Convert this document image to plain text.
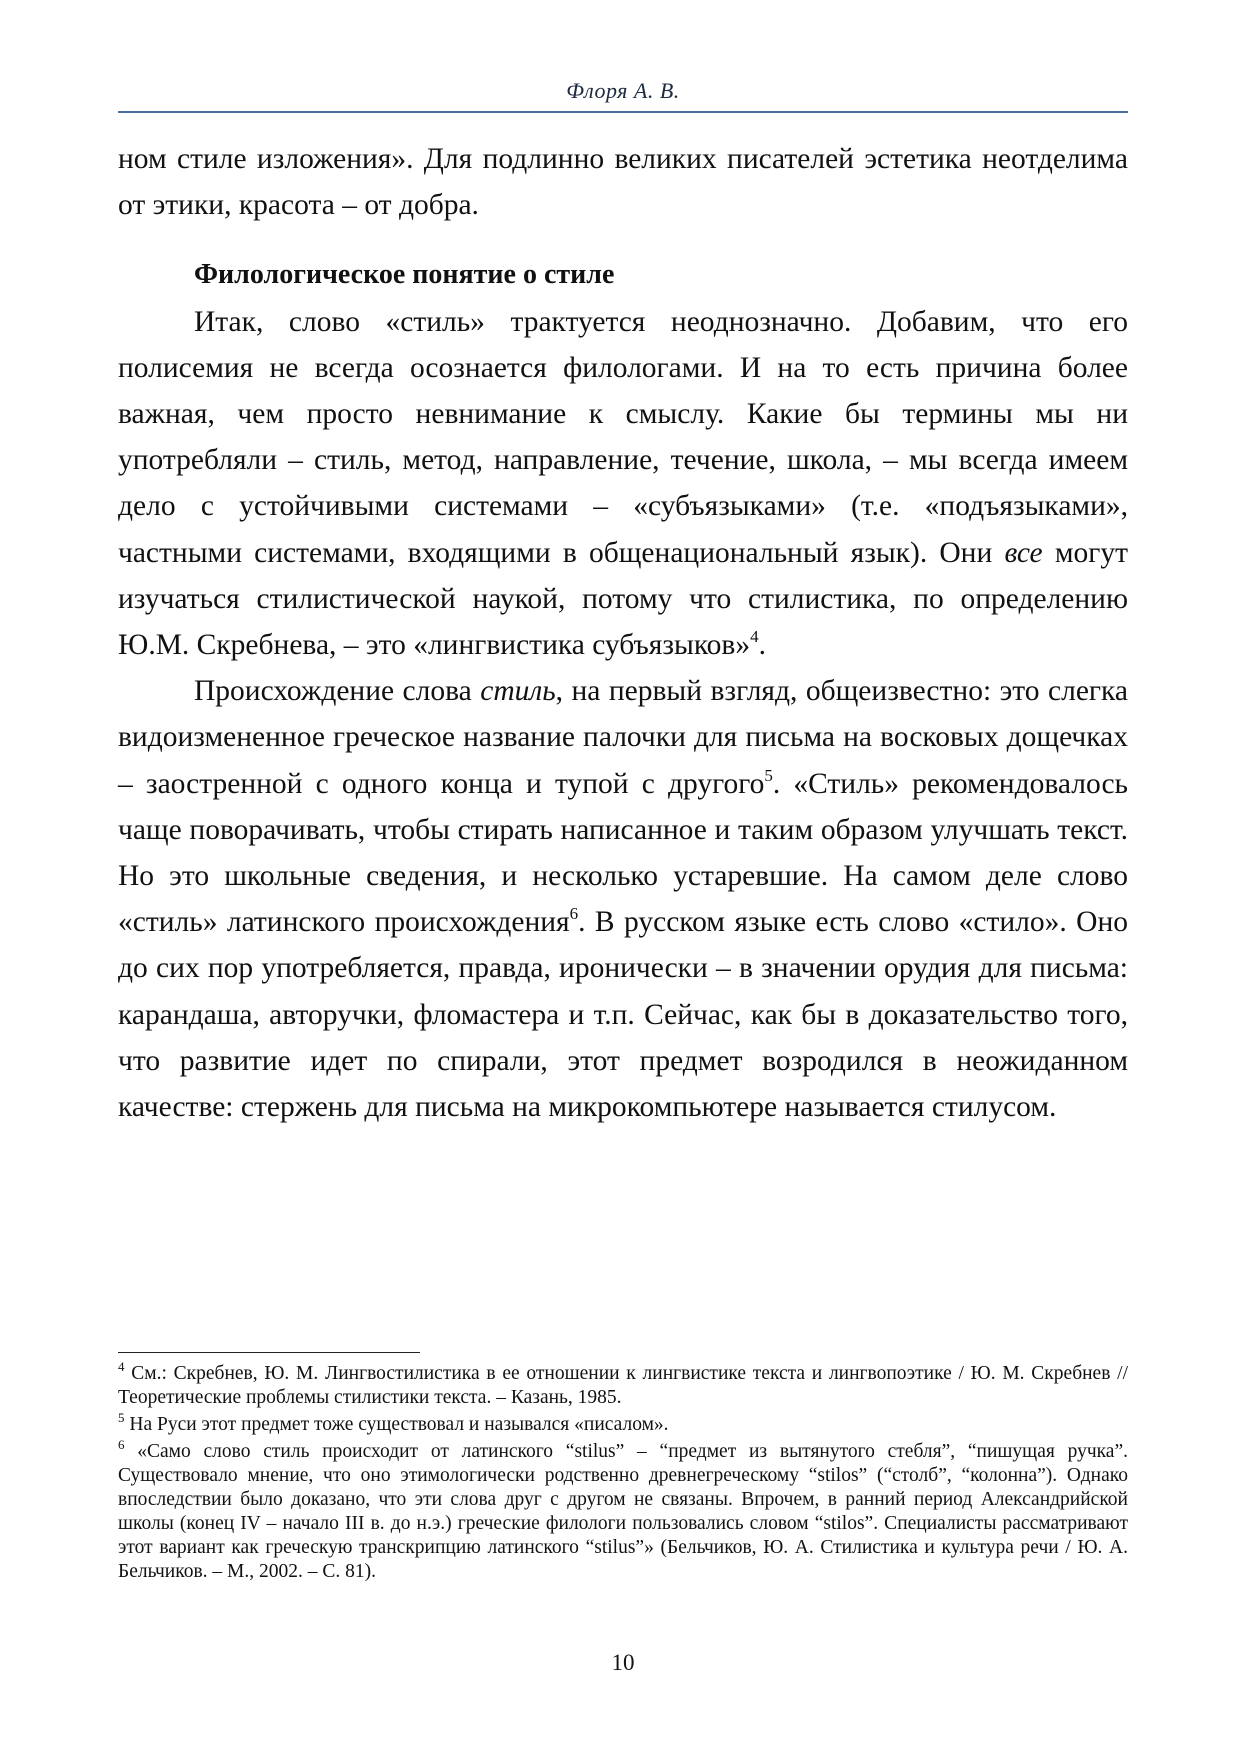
Флоря А. В.

ном стиле изложения». Для подлинно великих писателей эстетика неотделима от этики, красота – от добра.

Филологическое понятие о стиле

Итак, слово «стиль» трактуется неоднозначно. Добавим, что его полисемия не всегда осознается филологами. И на то есть причина более важная, чем просто невнимание к смыслу. Какие бы термины мы ни употребляли – стиль, метод, направление, течение, школа, – мы всегда имеем дело с устойчивыми системами – «субъязыками» (т.е. «подъязыками», частными системами, входящими в общенациональный язык). Они все могут изучаться стилистической наукой, потому что стилистика, по определению Ю.М. Скребнева, – это «лингвистика субъязыков»$^4$.

Происхождение слова стиль, на первый взгляд, общеизвестно: это слегка видоизмененное греческое название палочки для письма на восковых дощечках – заостренной с одного конца и тупой с другого$^5$. «Стиль» рекомендовалось чаще поворачивать, чтобы стирать написанное и таким образом улучшать текст. Но это школьные сведения, и несколько устаревшие. На самом деле слово «стиль» латинского происхождения$^6$. В русском языке есть слово «стило». Оно до сих пор употребляется, правда, иронически – в значении орудия для письма: карандаша, авторучки, фломастера и т.п. Сейчас, как бы в доказательство того, что развитие идет по спирали, этот предмет возродился в неожиданном качестве: стержень для письма на микрокомпьютере называется стилусом.

$^4$ См.: Скребнев, Ю. М. Лингвостилистика в ее отношении к лингвистике текста и лингвопоэтике / Ю. М. Скребнев // Теоретические проблемы стилистики текста. – Казань, 1985.

$^5$ На Руси этот предмет тоже существовал и назывался «писалом».

$^6$ «Само слово стиль происходит от латинского “stilus” – “предмет из вытянутого стебля”, “пишущая ручка”. Существовало мнение, что оно этимологически родственно древнегреческому “stilos” (“столб”, “колонна”). Однако впоследствии было доказано, что эти слова друг с другом не связаны. Впрочем, в ранний период Александрийской школы (конец IV – начало III в. до н.э.) греческие филологи пользовались словом “stilos”. Специалисты рассматривают этот вариант как греческую транскрипцию латинского “stilus”» (Бельчиков, Ю. А. Стилистика и культура речи / Ю. А. Бельчиков. – М., 2002. – С. 81).

10
